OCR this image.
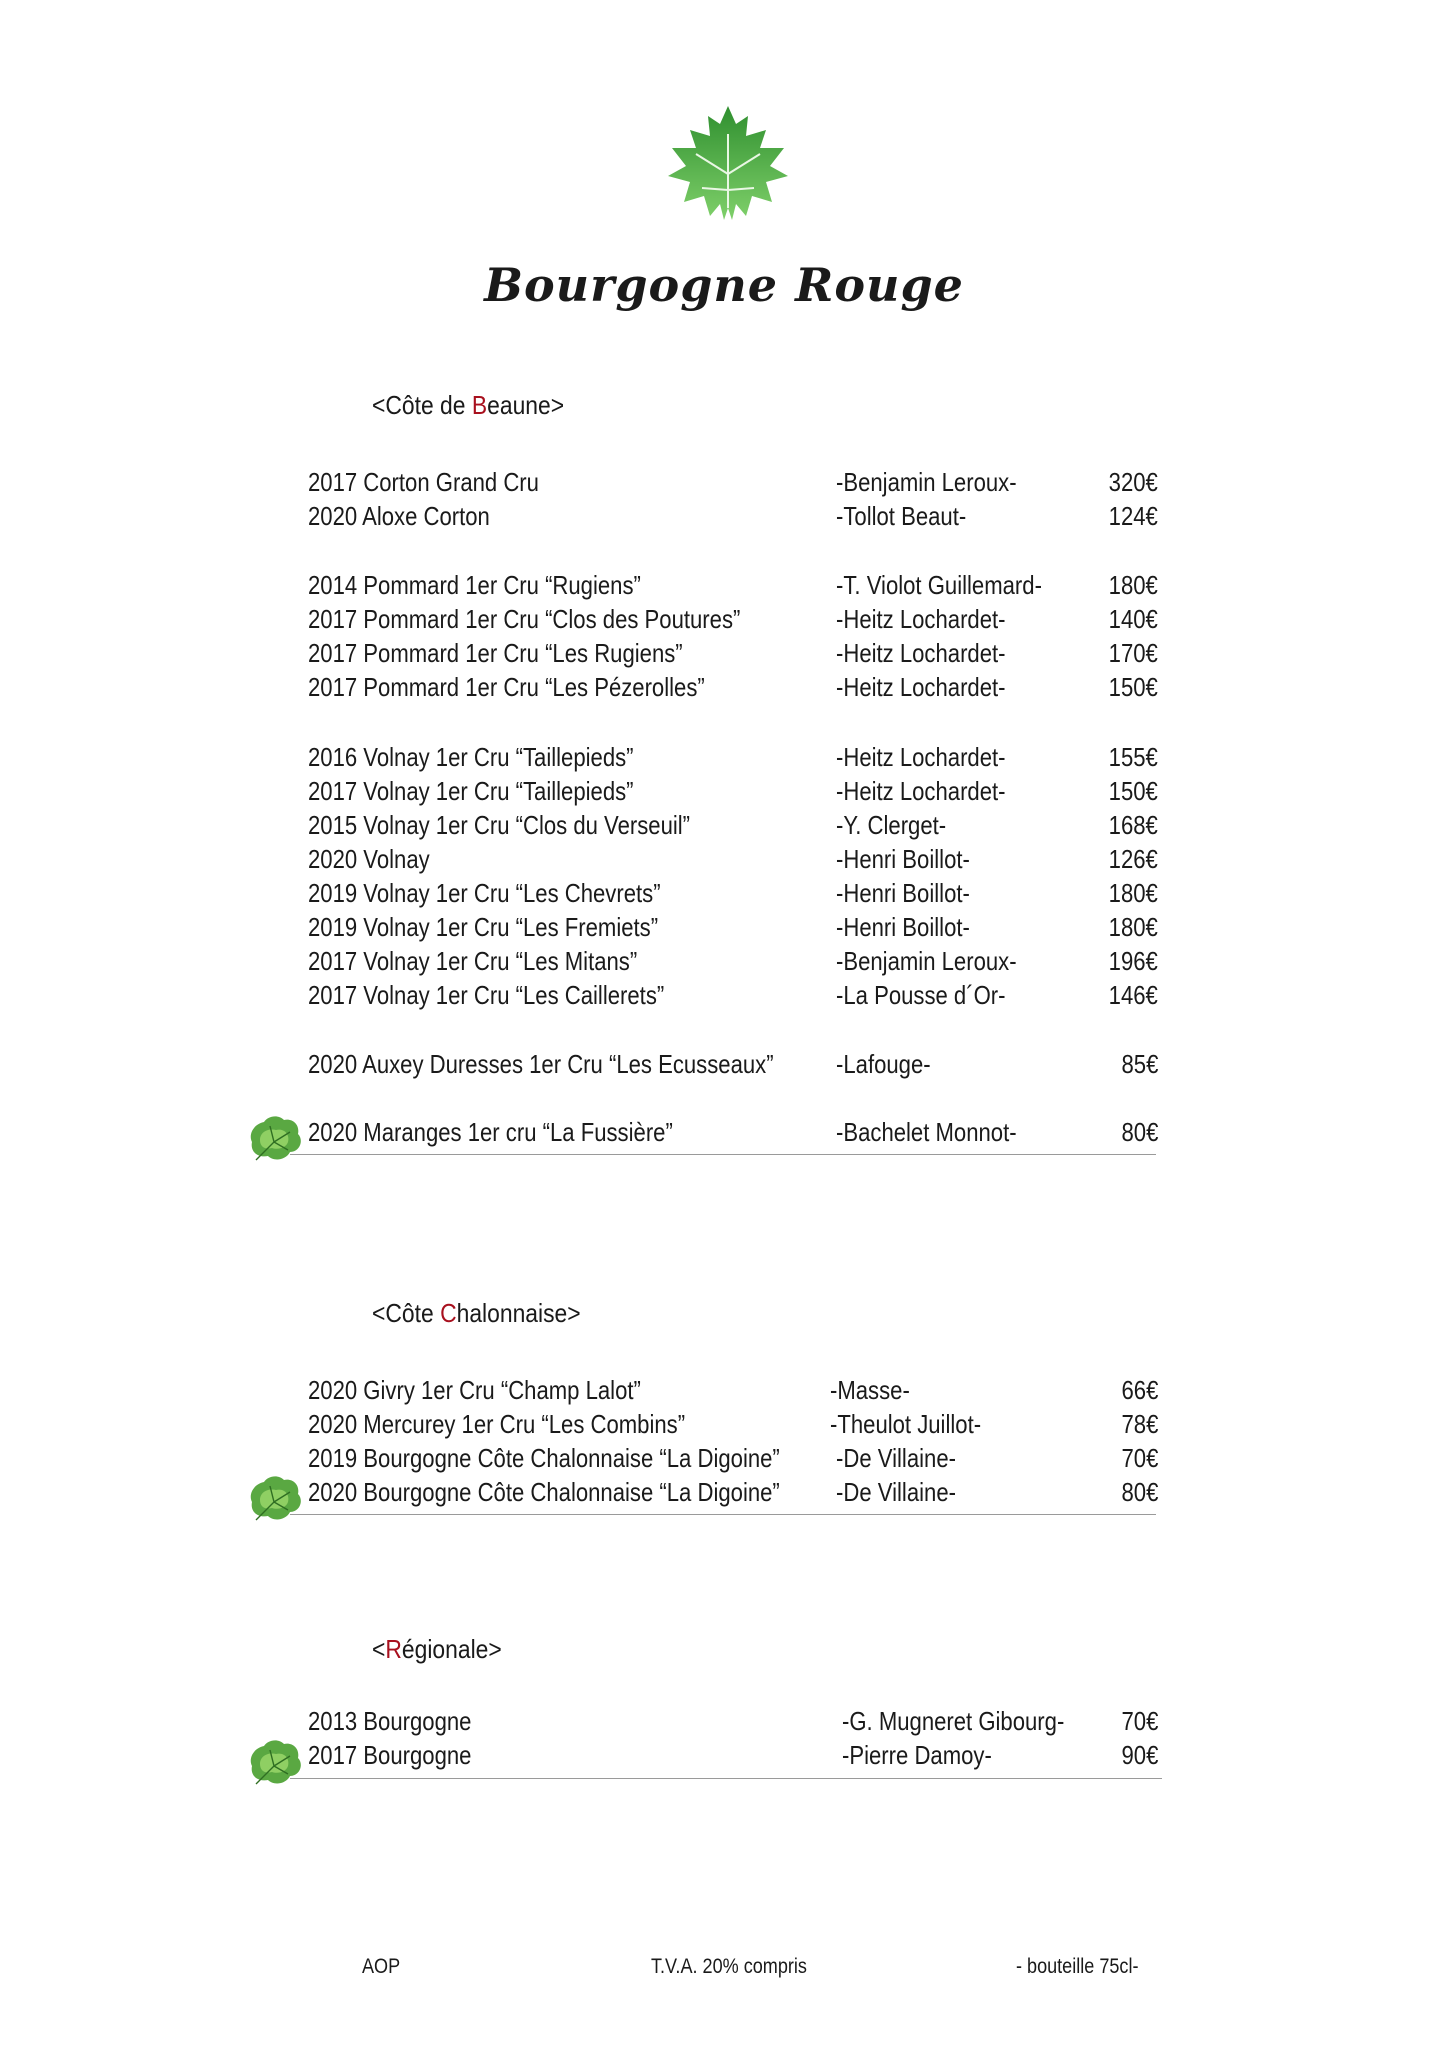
Bourgogne Rouge
<Côte de Beaune>
2017 Corton Grand Cru	-Benjamin Leroux-	320€
2020 Aloxe Corton	-Tollot Beaut-	124€
2014 Pommard 1er Cru “Rugiens”	-T. Violot Guillemard-	180€
2017 Pommard 1er Cru “Clos des Poutures”	-Heitz Lochardet-	140€
2017 Pommard 1er Cru “Les Rugiens”	-Heitz Lochardet-	170€
2017 Pommard 1er Cru “Les Pézerolles”	-Heitz Lochardet-	150€
2016 Volnay 1er Cru “Taillepieds”	-Heitz Lochardet-	155€
2017 Volnay 1er Cru “Taillepieds”	-Heitz Lochardet-	150€
2015 Volnay 1er Cru “Clos du Verseuil”	-Y. Clerget-	168€
2020 Volnay	-Henri Boillot-	126€
2019 Volnay 1er Cru “Les Chevrets”	-Henri Boillot-	180€
2019 Volnay 1er Cru “Les Fremiets”	-Henri Boillot-	180€
2017 Volnay 1er Cru “Les Mitans”	-Benjamin Leroux-	196€
2017 Volnay 1er Cru “Les Caillerets”	-La Pousse d´Or-	146€
2020 Auxey Duresses 1er Cru “Les Ecusseaux” -Lafouge-	85€
2020 Maranges 1er cru “La Fussière”	-Bachelet Monnot-	80€
<Côte Chalonnaise>
2020 Givry 1er Cru “Champ Lalot”	-Masse-	66€
2020 Mercurey 1er Cru “Les Combins”	-Theulot Juillot-	78€
2019 Bourgogne Côte Chalonnaise “La Digoine” -De Villaine-	70€
2020 Bourgogne Côte Chalonnaise “La Digoine” -De Villaine-	80€
<Régionale>
2013 Bourgogne	-G. Mugneret Gibourg- 70€
2017 Bourgogne	-Pierre Damoy-	90€
AOP	T.V.A. 20% compris	- bouteille 75cl-
